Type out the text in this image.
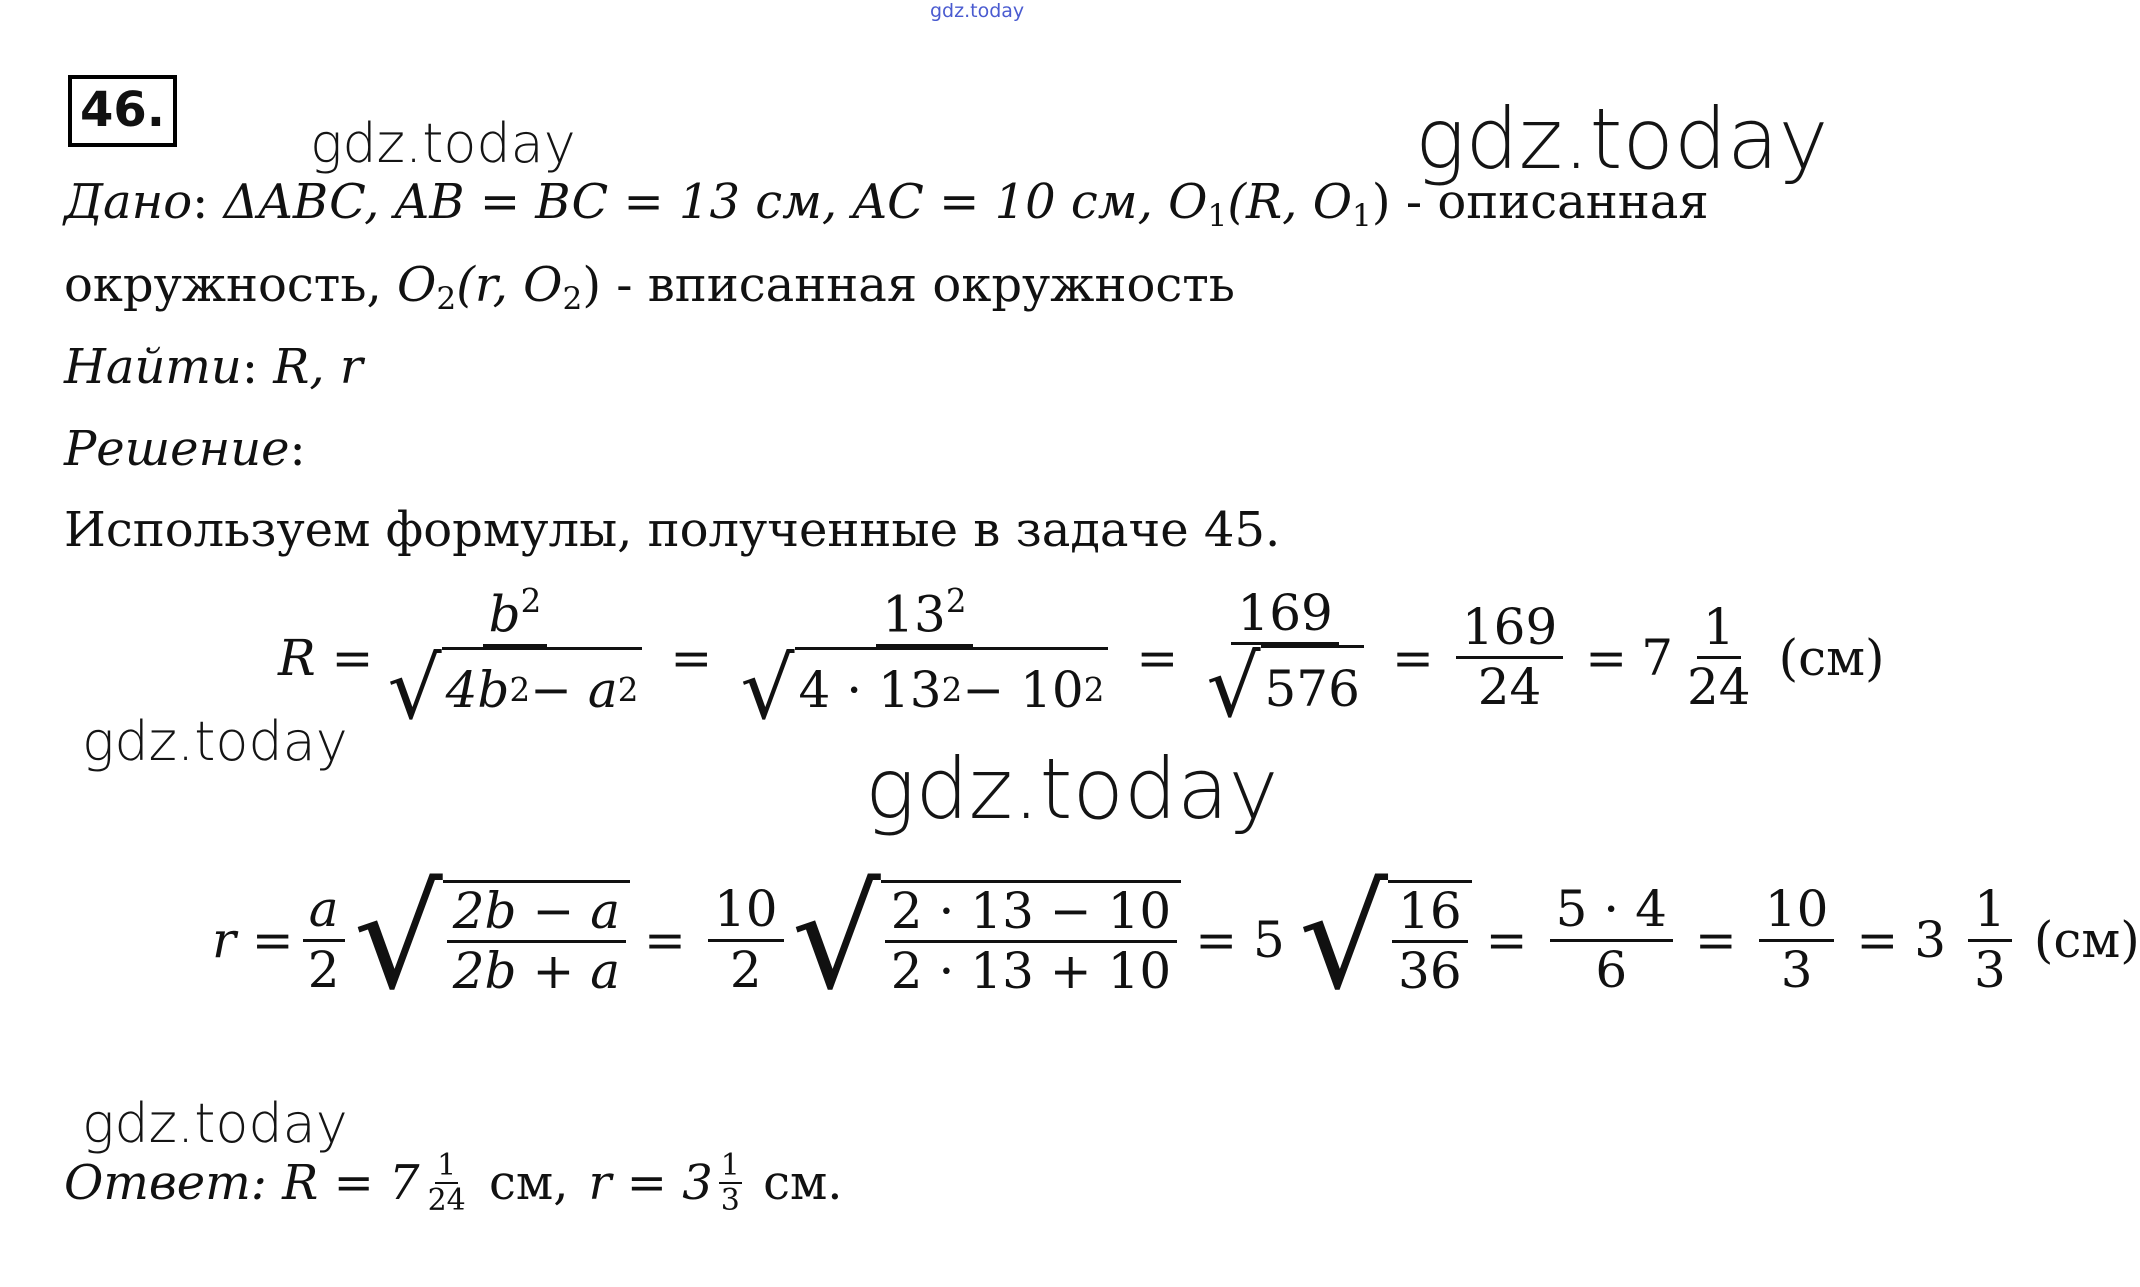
gdz.today
46.
gdz.today	gdz.today
gdz.today	gdz.today
gdz.today
Дано: ΔABC, AB = BC = 13 см, AC = 10 см, $O_1(R$, $O_1$) - описанная
окружность, $O_2(r$, $O_2$) - вписанная окружность
Найти: R, r
Решение:
Используем формулы, полученные в задаче 45.
$R = \frac{b^2}{√ 4b 2 - a 2} = \frac{13^2}{√ 4 \cdot 13 2 - 10 2} = \frac{169}{√ 576} = \frac{169}{24} = 7 \frac{1}{24} (см)$
$r = \frac{a}{2}$ √ $\frac{2b - a}{2b + a} = \frac{10}{2}$ √ $\frac{2 \cdot 13 - 10}{2 \cdot 13 + 10} = 5$ √ $\frac{16}{36} = \frac{5 \cdot 4}{6} = \frac{10}{3} = 3 \frac{1}{3} (см)$
Ответ : $R = 7 \frac{1}{24}$ см, $r = 3 \frac{1}{3}$ см.
